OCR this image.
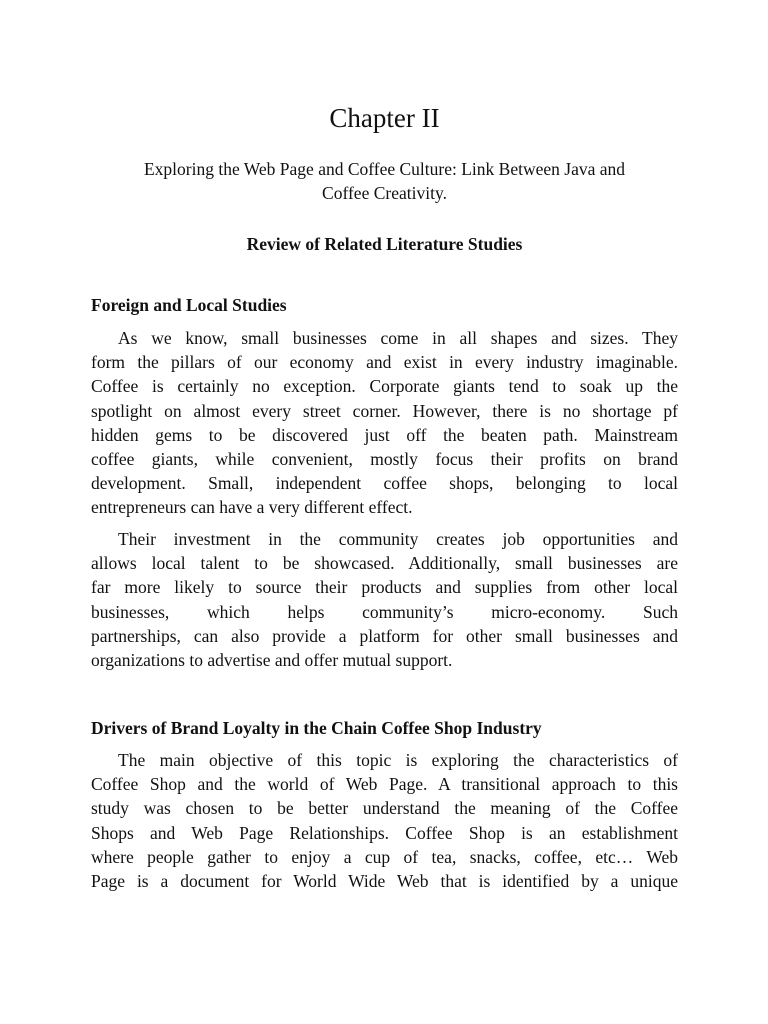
Chapter II

Exploring the Web Page and Coffee Culture: Link Between Java and
Coffee Creativity.

Review of Related Literature Studies
Foreign and Local Studies

As we know, small businesses come in all shapes and sizes. They
form the pillars of our economy and exist in every industry imaginable.
Coffee is certainly no exception. Corporate giants tend to soak up the
spotlight on almost every street corner. However, there is no shortage pf
hidden gems to be discovered just off the beaten path. Mainstream
coffee giants, while convenient, mostly focus their profits on brand
development. Small, independent coffee shops, belonging to local
entrepreneurs can have a very different effect.

Their investment in the community creates job opportunities and
allows local talent to be showcased. Additionally, small businesses are
far more likely to source their products and supplies from other local
businesses, which helps community’s micro-economy. Such
partnerships, can also provide a platform for other small businesses and
organizations to advertise and offer mutual support.

Drivers of Brand Loyalty in the Chain Coffee Shop Industry

The main objective of this topic is exploring the characteristics of
Coffee Shop and the world of Web Page. A transitional approach to this
study was chosen to be better understand the meaning of the Coffee
Shops and Web Page Relationships. Coffee Shop is an establishment
where people gather to enjoy a cup of tea, snacks, coffee, etc… Web
Page is a document for World Wide Web that is identified by a unique
